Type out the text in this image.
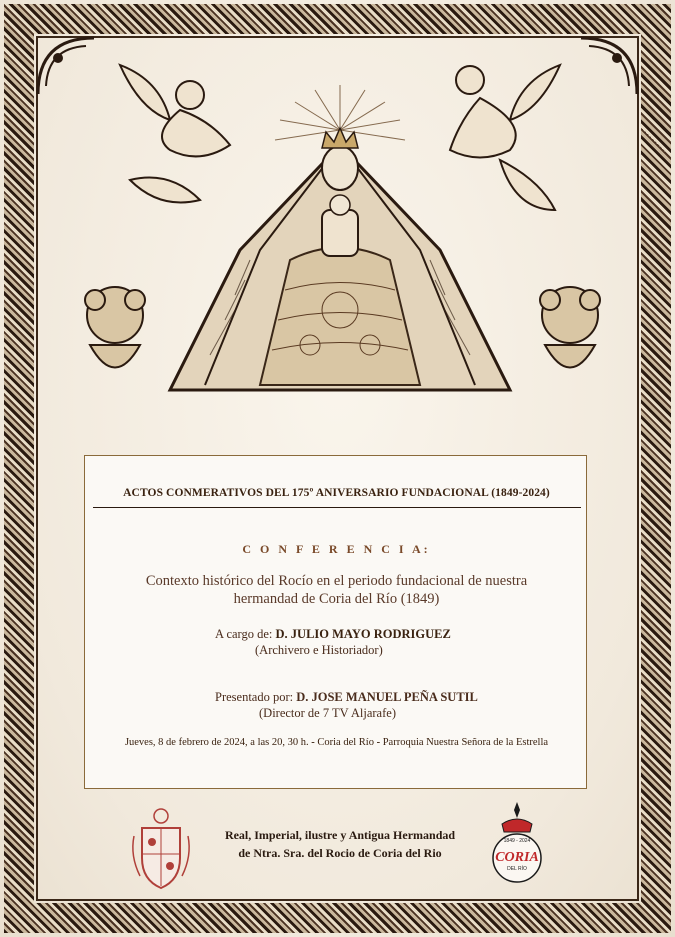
ACTOS CONMERATIVOS DEL 175º ANIVERSARIO FUNDACIONAL (1849-2024)
C O N F E R E N C I A:
Contexto histórico del Rocío en el periodo fundacional de nuestra
hermandad de Coria del Río (1849)
A cargo de: D. JULIO MAYO RODRIGUEZ
(Archivero e Historiador)
Presentado por: D. JOSE MANUEL PEÑA SUTIL
(Director de 7 TV Aljarafe)
Jueves, 8 de febrero de 2024, a las 20, 30 h. - Coria del Río - Parroquia Nuestra Señora de la Estrella
Real, Imperial, ilustre y Antigua Hermandad
de Ntra. Sra. del Rocio de Coria del Rio
1849 - 2024
CORIA
DEL RÍO
